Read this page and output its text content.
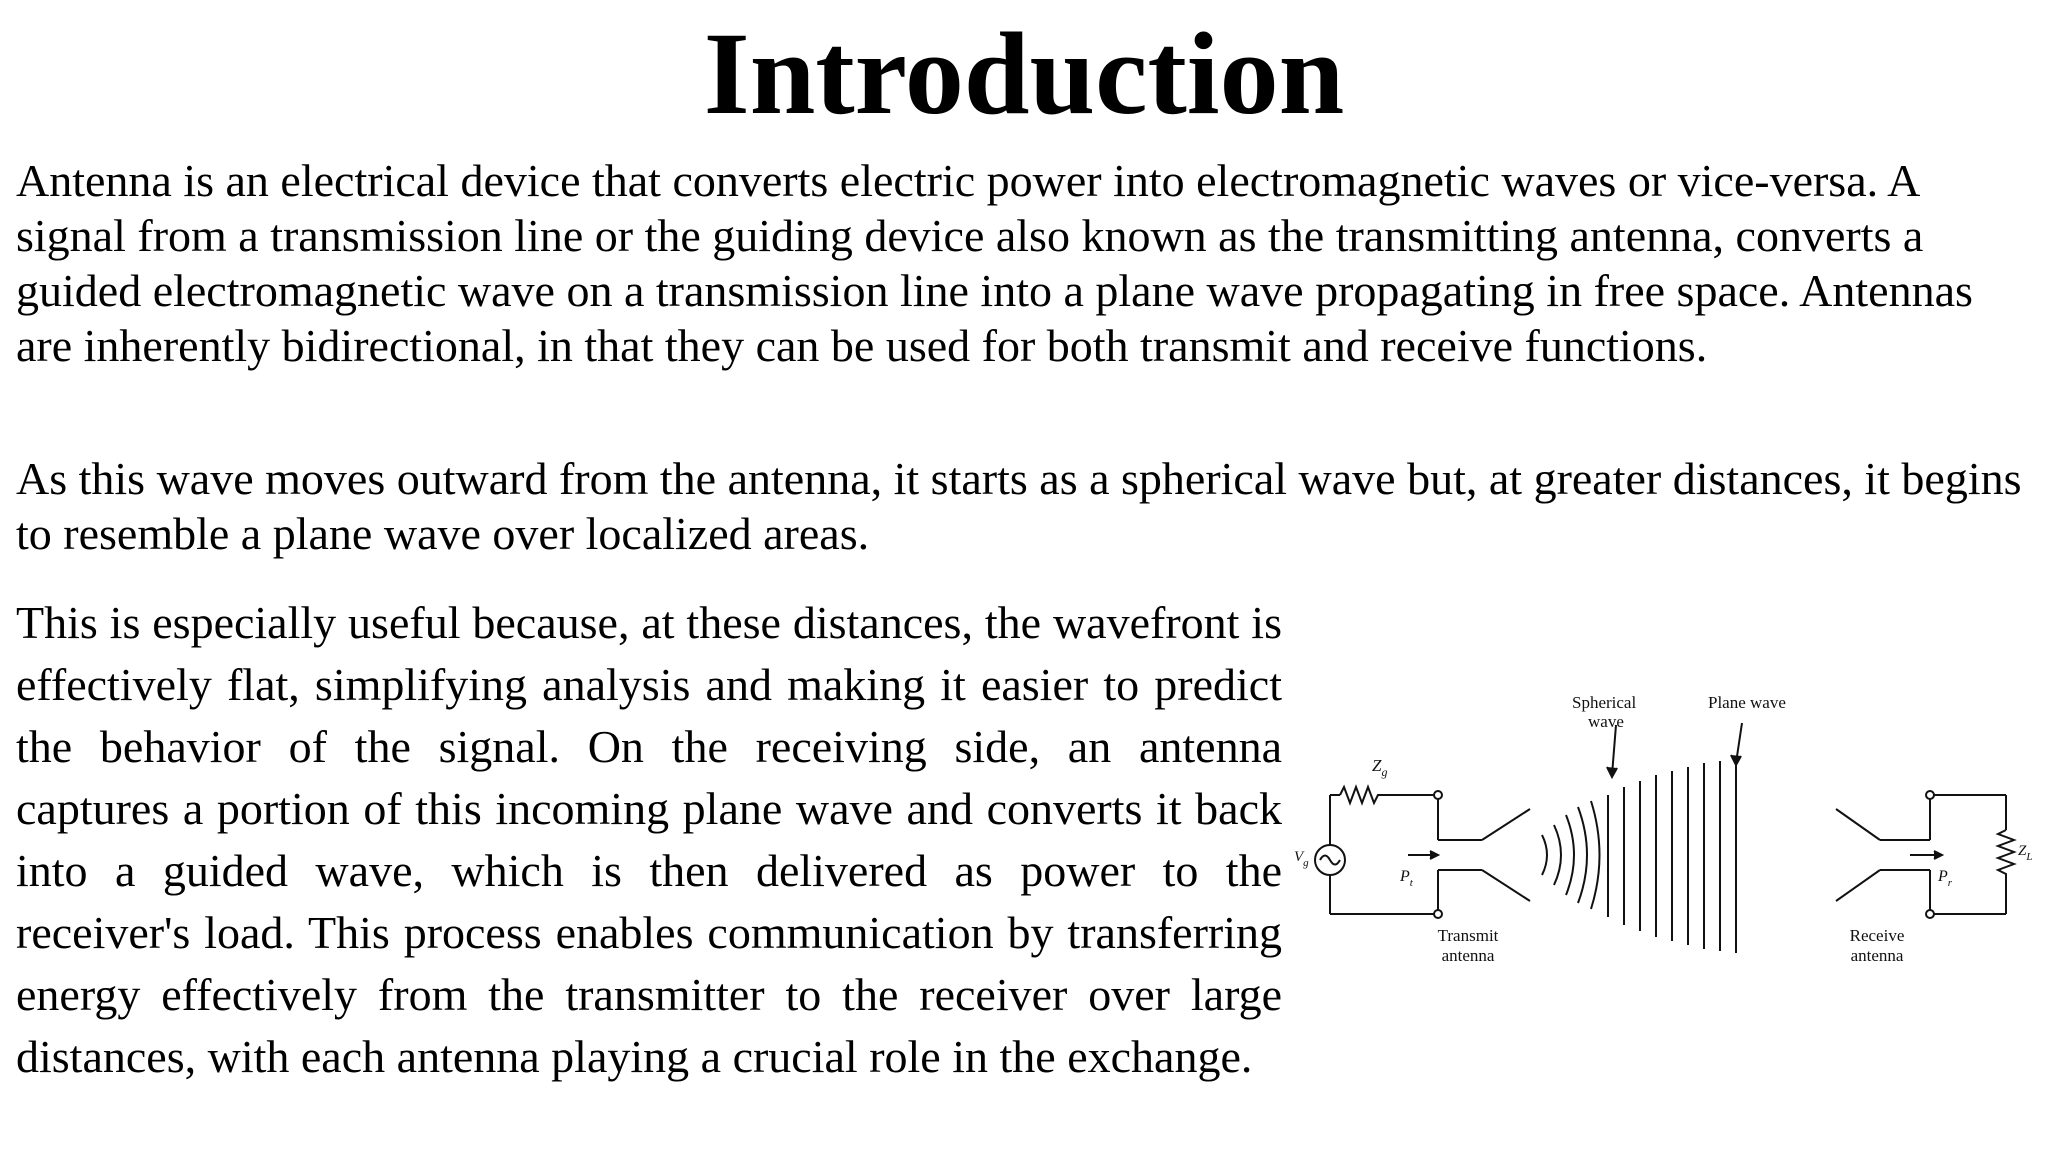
Introduction

Antenna is an electrical device that converts electric power into electromagnetic waves or vice-versa. A signal from a transmission line or the guiding device also known as the transmitting antenna, converts a guided electromagnetic wave on a transmission line into a plane wave propagating in free space. Antennas are inherently bidirectional, in that they can be used for both transmit and receive functions.

As this wave moves outward from the antenna, it starts as a spherical wave but, at greater distances, it begins to resemble a plane wave over localized areas.

This is especially useful because, at these distances, the wavefront is effectively flat, simplifying analysis and making it easier to predict the behavior of the signal. On the receiving side, an antenna captures a portion of this incoming plane wave and converts it back into a guided wave, which is then delivered as power to the receiver's load. This process enables communication by transferring energy effectively from the transmitter to the receiver over large distances, with each antenna playing a crucial role in the exchange.

Spherical
wave
Plane wave
$Z_g$
$V_g$
$P_t$	$P_r$
$Z_L$
Transmit
antenna
Receive
antenna
